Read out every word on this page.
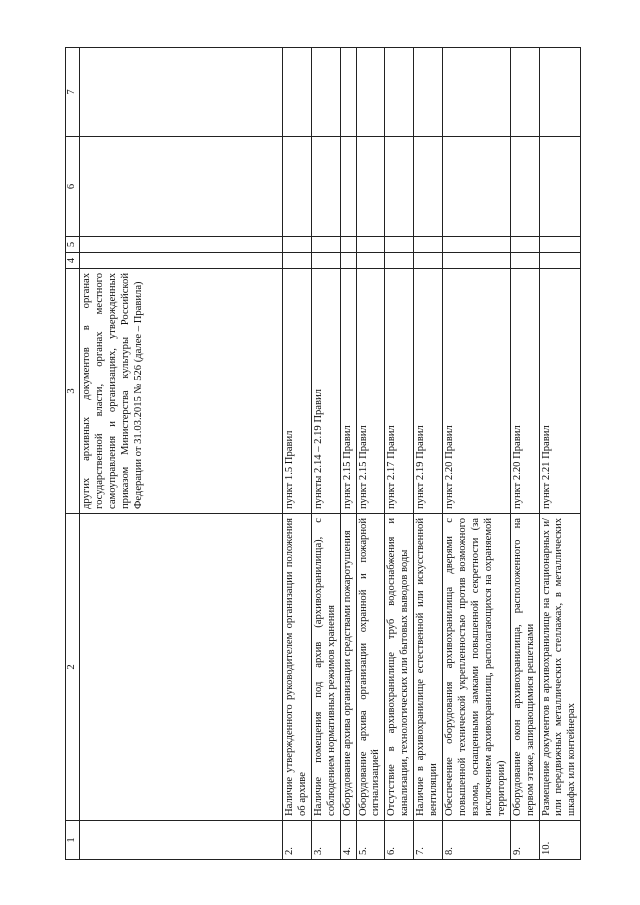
1	2	3	4	5	6	7
		других архивных документов в органах государственной власти, органах местного самоуправления и организациях, утвержденных приказом Министерства культуры Российской Федерации от 31.03.2015 № 526 (далее – Правила)				
2.	Наличие утвержденного руководителем организации положения об архиве	пункт 1.5 Правил				
3.	Наличие помещения под архив (архивохранилища), с соблюдением нормативных режимов хранения	пункты 2.14 – 2.19 Правил				
4.	Оборудование архива организации средствами пожаротушения	пункт 2.15 Правил				
5.	Оборудование архива организации охранной и пожарной сигнализацией	пункт 2.15 Правил				
6.	Отсутствие в архивохранилище труб водоснабжения и канализации, технологических или бытовых выводов воды	пункт 2.17 Правил				
7.	Наличие в архивохранилище естественной или искусственной вентиляции	пункт 2.19 Правил				
8.	Обеспечение оборудования архивохранилища дверями с повышенной технической укрепленностью против возможного взлома, оснащенными замками повышенной секретности (за исключением архивохранилищ, располагающихся на охраняемой территории)	пункт 2.20 Правил				
9.	Оборудование окон архивохранилища, расположенного на первом этаже, запирающимися решетками	пункт 2.20 Правил				
10.	Размещение документов в архивохранилище на стационарных и/или передвижных металлических стеллажах, в металлических шкафах или контейнерах	пункт 2.21 Правил				
